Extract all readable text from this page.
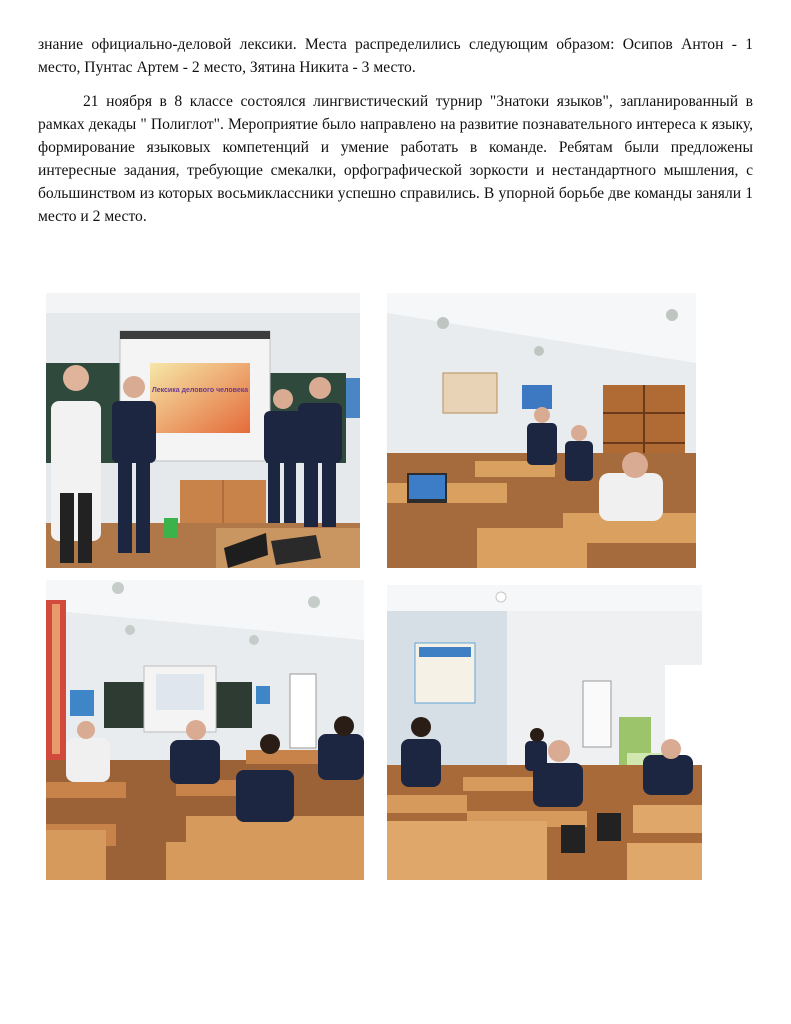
знание официально-деловой лексики. Места распределились следующим образом: Осипов Антон - 1 место, Пунтас Артем - 2 место, Зятина Никита - 3 место.

21 ноября в 8 классе состоялся лингвистический турнир "Знатоки языков", запланированный в рамках декады " Полиглот". Мероприятие было направлено на развитие познавательного интереса к языку, формирование языковых компетенций и умение работать в команде. Ребятам были предложены интересные задания, требующие смекалки, орфографической зоркости и нестандартного мышления, с большинством из которых восьмиклассники успешно справились. В упорной борьбе две команды заняли 1 место и 2 место.

Лексика делового человека
